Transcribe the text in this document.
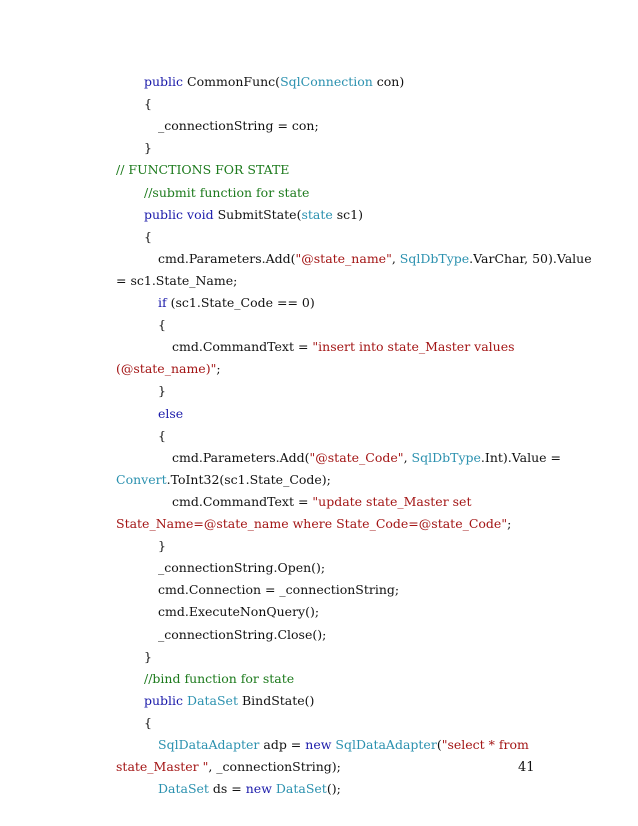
public CommonFunc(SqlConnection con)
{
_connectionString = con;
}
// FUNCTIONS FOR STATE
//submit function for state
public void SubmitState(state sc1)
{
cmd.Parameters.Add("@state_name", SqlDbType.VarChar, 50).Value
= sc1.State_Name;
if (sc1.State_Code == 0)
{
cmd.CommandText = "insert into state_Master values
(@state_name)";
}
else
{
cmd.Parameters.Add("@state_Code", SqlDbType.Int).Value =
Convert.ToInt32(sc1.State_Code);
cmd.CommandText = "update state_Master set
State_Name=@state_name where State_Code=@state_Code";
}
_connectionString.Open();
cmd.Connection = _connectionString;
cmd.ExecuteNonQuery();
_connectionString.Close();
}
//bind function for state
public DataSet BindState()
{
SqlDataAdapter adp = new SqlDataAdapter("select * from
state_Master ", _connectionString);
DataSet ds = new DataSet();
41
